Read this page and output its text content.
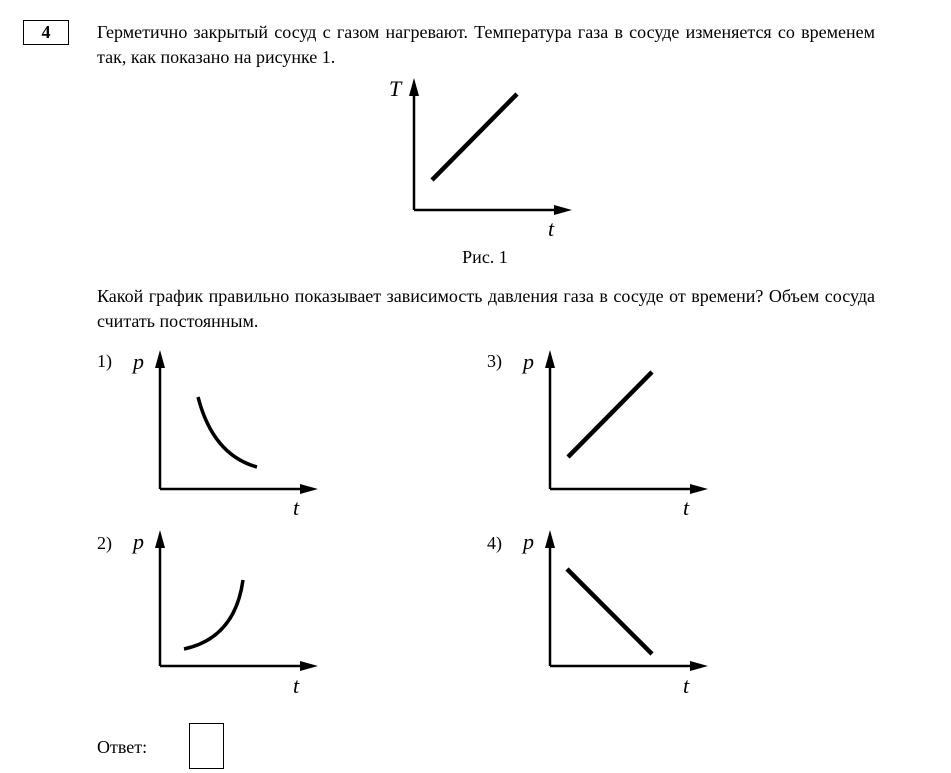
4	Герметично закрытый сосуд с газом нагревают. Температура газа в сосуде изменяется со временем так, как показано на рисунке 1.

T
t
Рис. 1

Какой график правильно показывает зависимость давления газа в сосуде от времени? Объем сосуда считать постоянным.

1) p
t
3) p
t
2) p
t
4) p
t
Ответ:
